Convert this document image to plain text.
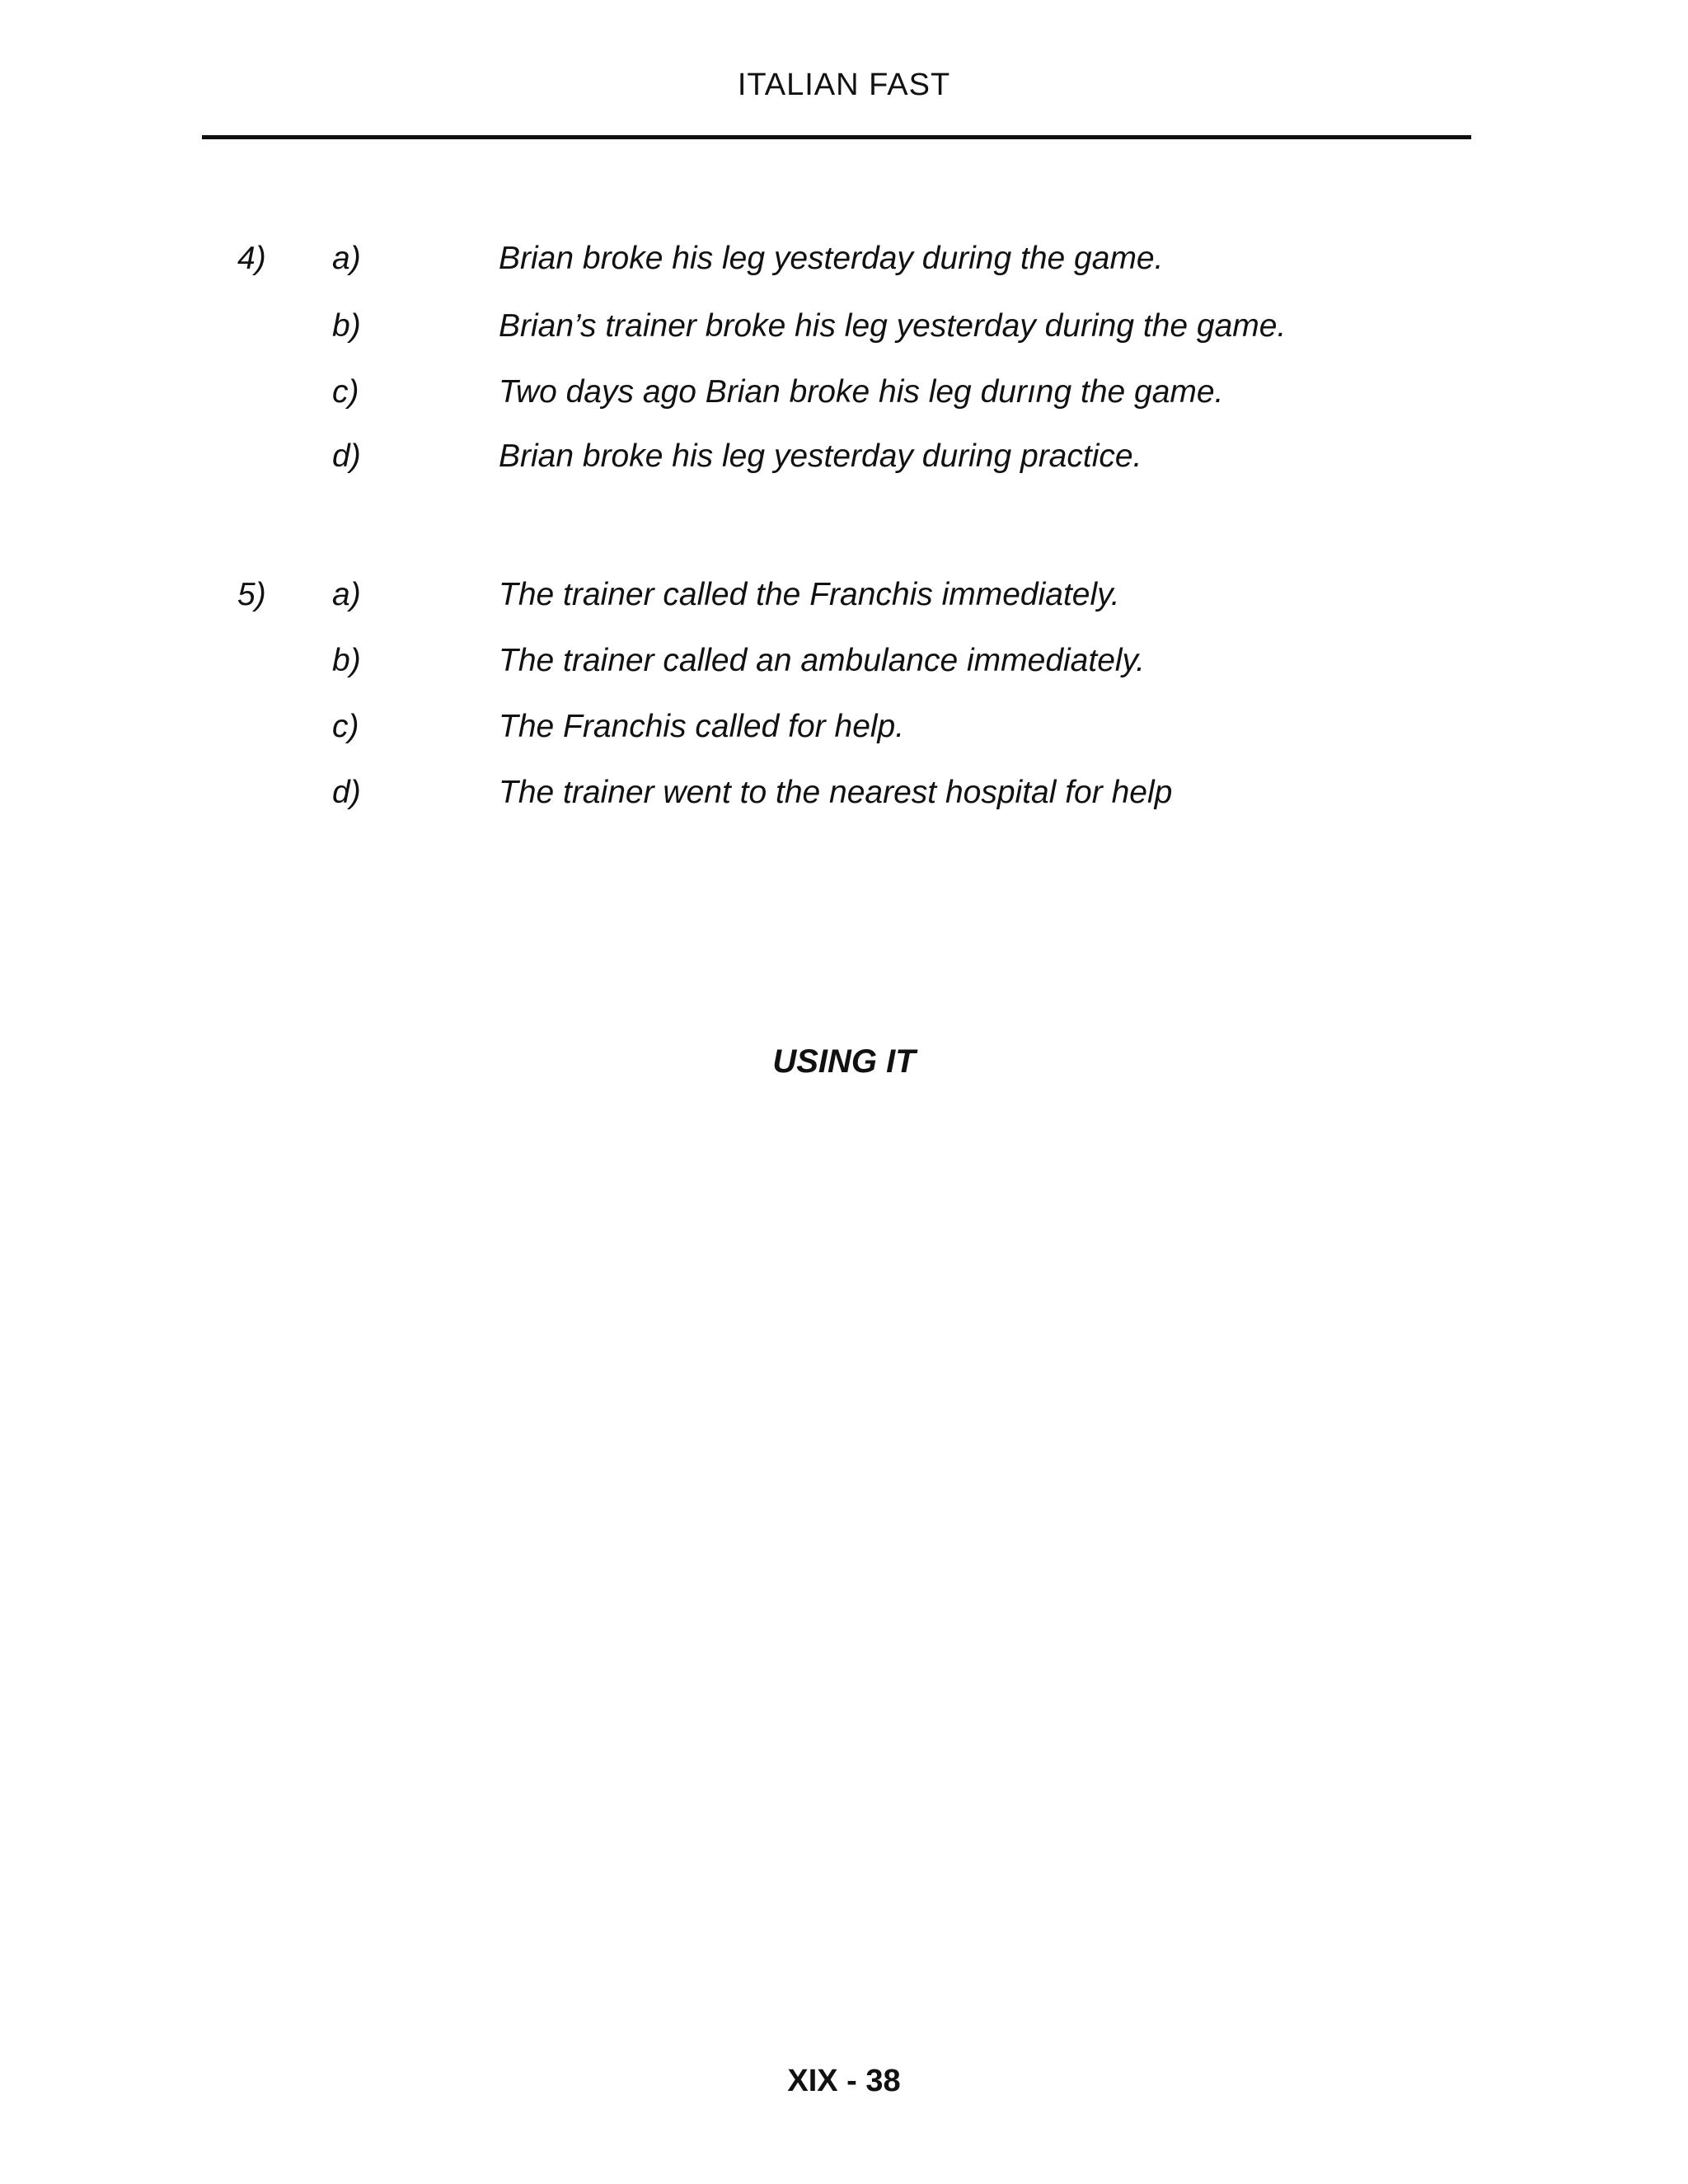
ITALIAN FAST
4) a)	Brian broke his leg yesterday during the game.
b)	Brian’s trainer broke his leg yesterday during the game.
c)	Two days ago Brian broke his leg durıng the game.
d)	Brian broke his leg yesterday during practice.
5) a)	The trainer called the Franchis immediately.
b)	The trainer called an ambulance immediately.
c)	The Franchis called for help.
d)	The trainer went to the nearest hospital for help
USING IT
XIX - 38
